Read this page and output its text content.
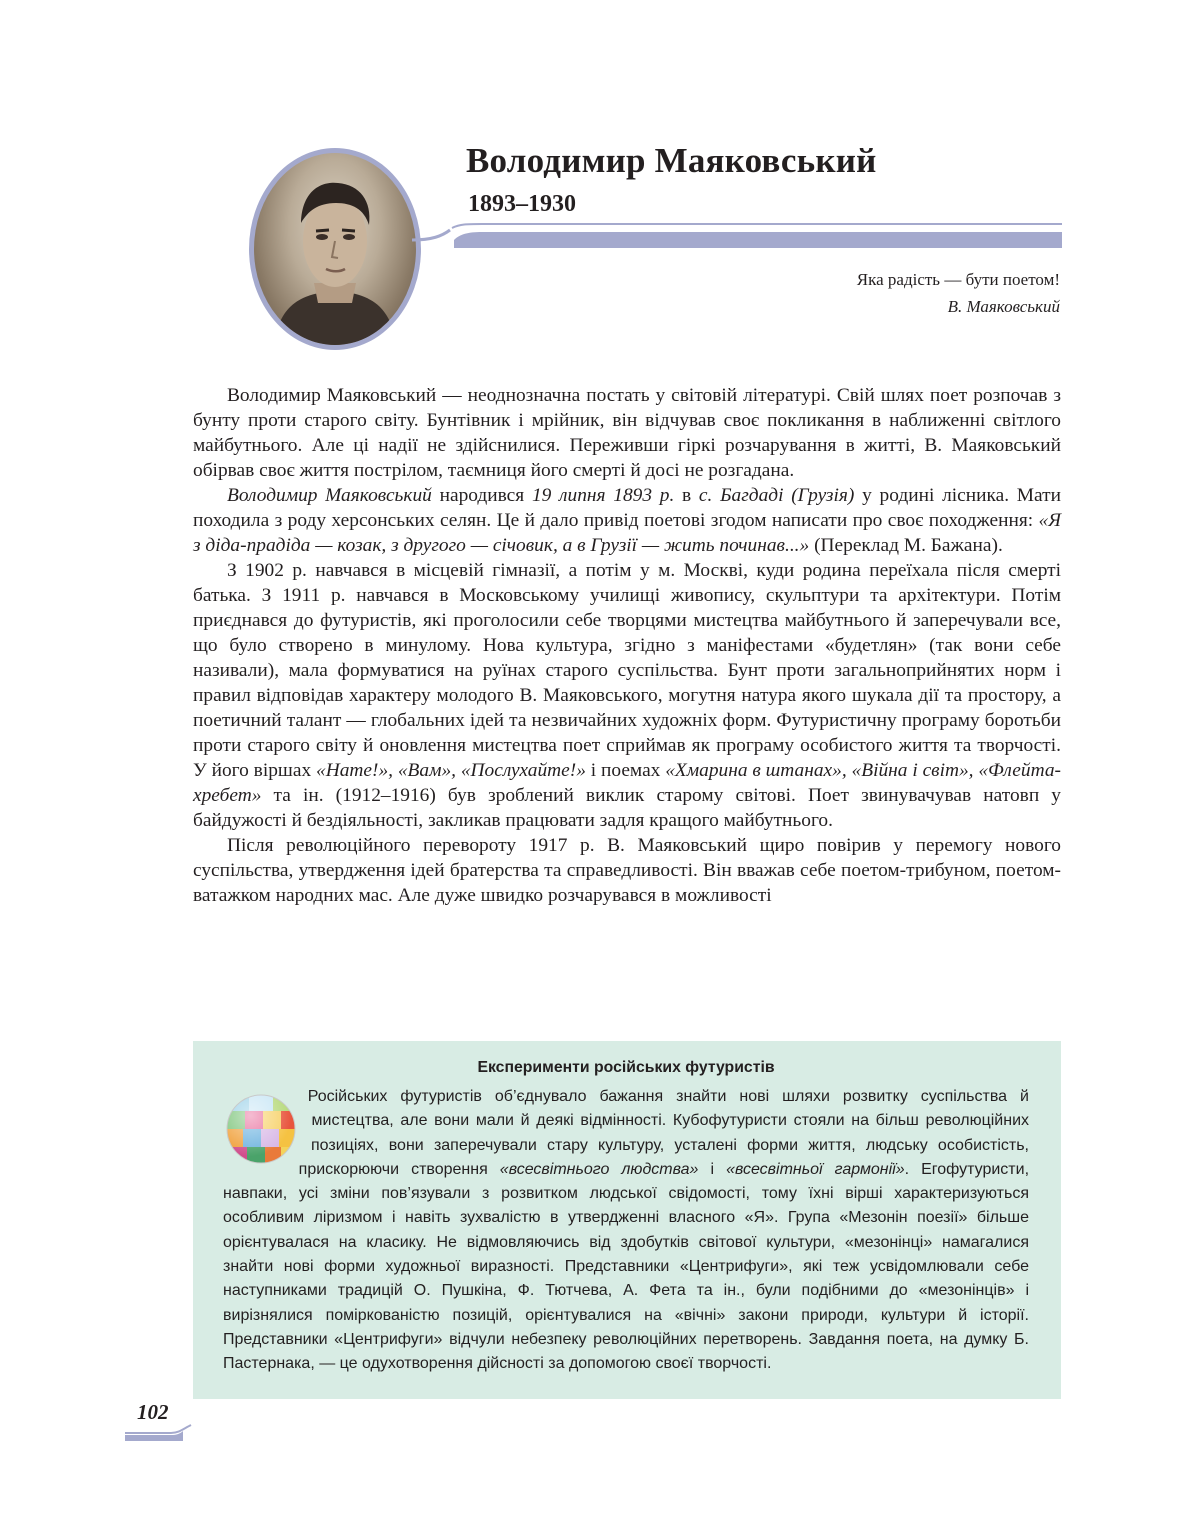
Володимир Маяковський
1893–1930
Яка радість — бути поетом!
В. Маяковський

Володимир Маяковський — неоднозначна постать у світовій літературі. Свій шлях поет розпочав з бунту проти старого світу. Бунтівник і мрійник, він відчував своє покликання в наближенні світлого майбутнього. Але ці надії не здійснилися. Переживши гіркі розчарування в житті, В. Маяковський обірвав своє життя пострілом, таємниця його смерті й досі не розгадана.

Володимир Маяковський народився 19 липня 1893 р. в с. Багдаді (Грузія) у родині лісника. Мати походила з роду херсонських селян. Це й дало привід поетові згодом написати про своє походження: «Я з діда-прадіда — козак, з другого — січовик, а в Грузії — жить починав...» (Переклад М. Бажана).

З 1902 р. навчався в місцевій гімназії, а потім у м. Москві, куди родина переїхала після смерті батька. З 1911 р. навчався в Московському училищі живопису, скульптури та архітектури. Потім приєднався до футуристів, які проголосили себе творцями мистецтва майбутнього й заперечували все, що було створено в минулому. Нова культура, згідно з маніфестами «будетлян» (так вони себе називали), мала формуватися на руїнах старого суспільства. Бунт проти загальноприйнятих норм і правил відповідав характеру молодого В. Маяковського, могутня натура якого шукала дії та простору, а поетичний талант — глобальних ідей та незвичайних художніх форм. Футуристичну програму боротьби проти старого світу й оновлення мистецтва поет сприймав як програму особистого життя та творчості. У його віршах «Нате!», «Вам», «Послухайте!» і поемах «Хмарина в штанах», «Війна і світ», «Флейта-хребет» та ін. (1912–1916) був зроблений виклик старому світові. Поет звинувачував натовп у байдужості й бездіяльності, закликав працювати задля кращого майбутнього.

Після революційного перевороту 1917 р. В. Маяковський щиро повірив у перемогу нового суспільства, утвердження ідей братерства та справедливості. Він вважав себе поетом-трибуном, поетом-ватажком народних мас. Але дуже швидко розчарувався в можливості

Експерименти російських футуристів
Російських футуристів об’єднувало бажання знайти нові шляхи розвитку суспільства й мистецтва, але вони мали й деякі відмінності. Кубофутуристи стояли на більш революційних позиціях, вони заперечували стару культуру, усталені форми життя, людську особистість, прискорюючи створення «всесвітнього людства» і «всесвітньої гармонії». Егофутуристи, навпаки, усі зміни пов’язували з розвитком людської свідомості, тому їхні вірші характеризуються особливим ліризмом і навіть зухвалістю в утвердженні власного «Я». Група «Мезонін поезії» більше орієнтувалася на класику. Не відмовляючись від здобутків світової культури, «мезонінці» намагалися знайти нові форми художньої виразності. Представники «Центрифуги», які теж усвідомлювали себе наступниками традицій О. Пушкіна, Ф. Тютчева, А. Фета та ін., були подібними до «мезонінців» і вирізнялися поміркованістю позицій, орієнтувалися на «вічні» закони природи, культури й історії. Представники «Центрифуги» відчули небезпеку революційних перетворень. Завдання поета, на думку Б. Пастернака, — це одухотворення дійсності за допомогою своєї творчості.
102
